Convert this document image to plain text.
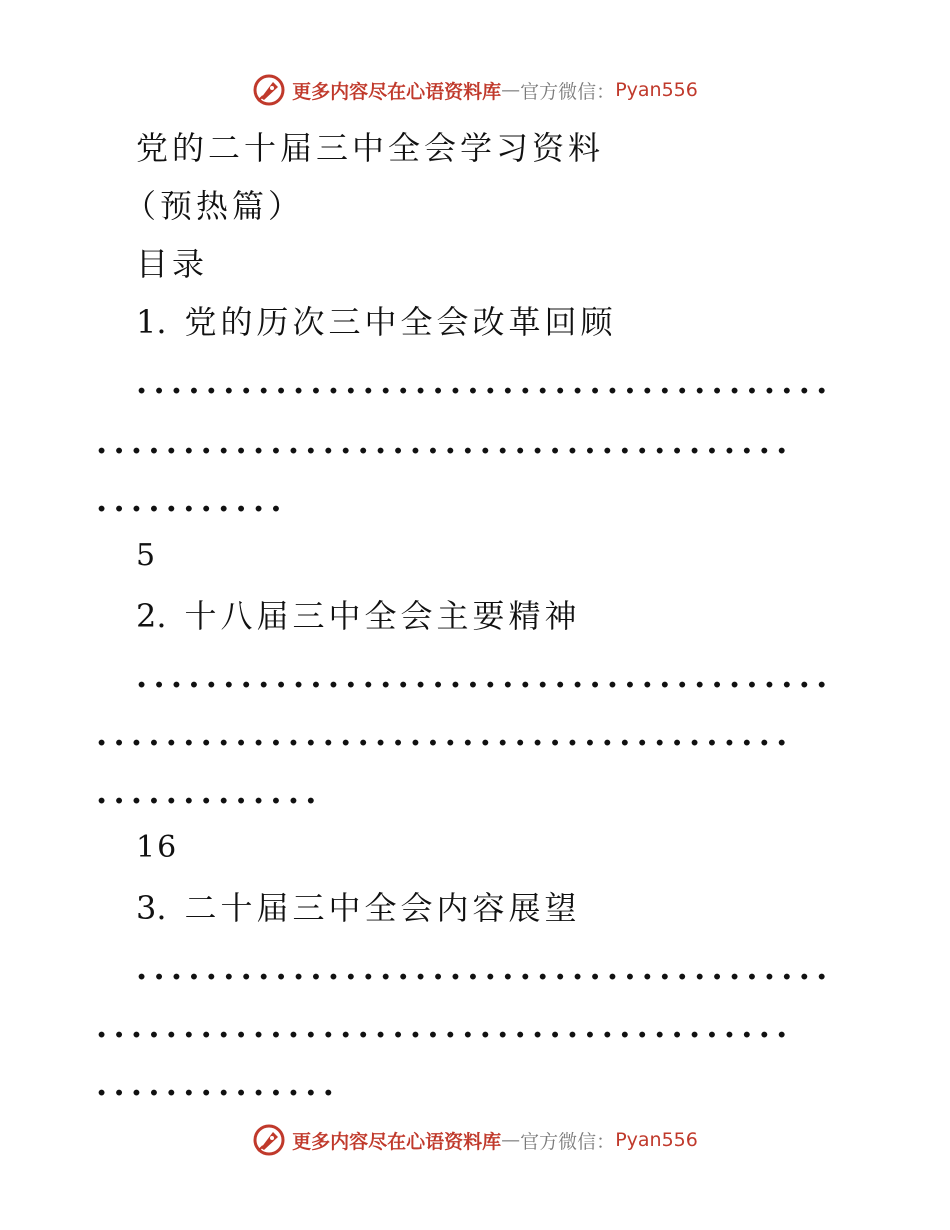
更多内容尽在心语资料库 — 官方微信： Pyan556
党的二十届三中全会学习资料
（预热篇）
目录
1. 党的历次三中全会改革回顾
........................................
........................................
...........
5
2. 十八届三中全会主要精神
........................................
........................................
.............
16
3. 二十届三中全会内容展望
........................................
........................................
..............
更多内容尽在心语资料库 — 官方微信： Pyan556
